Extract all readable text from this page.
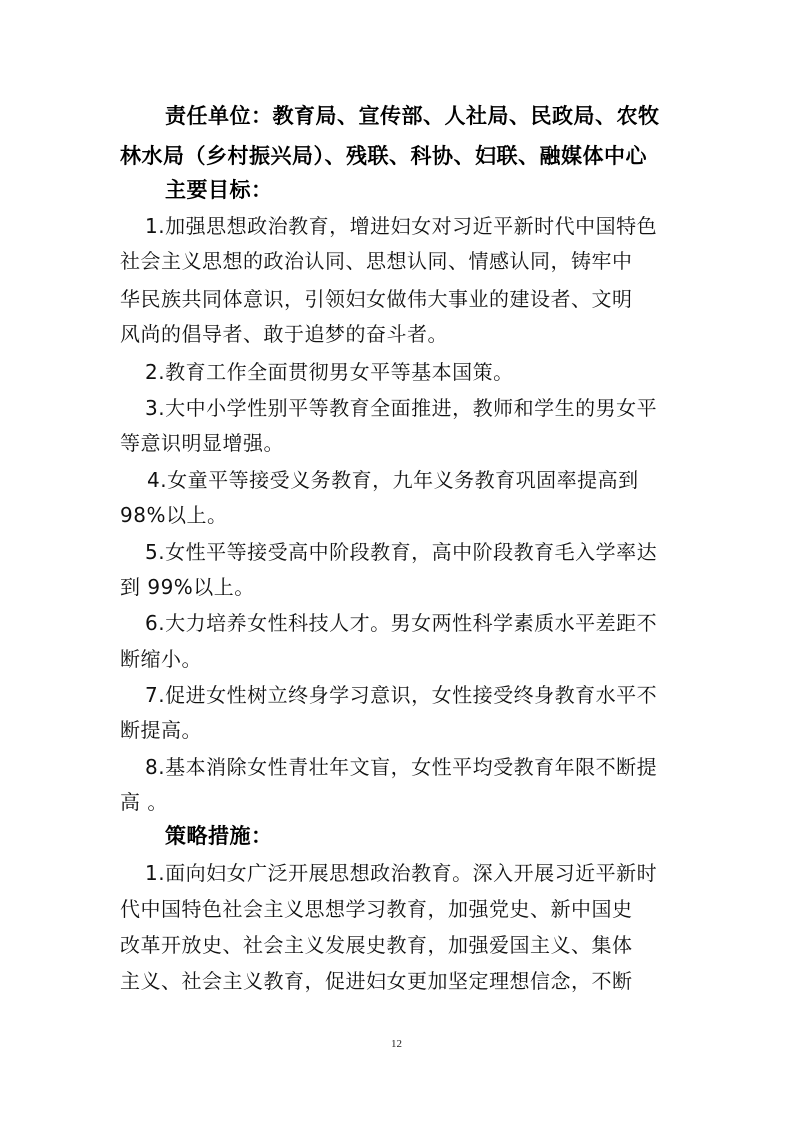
责任单位：教育局、宣传部、人社局、民政局、农牧
林水局（乡村振兴局）、残联、科协、妇联、融媒体中心
主要目标：
1.加强思想政治教育，增进妇女对习近平新时代中国特色
社会主义思想的政治认同、思想认同、情感认同，铸牢中
华民族共同体意识，引领妇女做伟大事业的建设者、文明
风尚的倡导者、敢于追梦的奋斗者。
2.教育工作全面贯彻男女平等基本国策。
3.大中小学性别平等教育全面推进，教师和学生的男女平
等意识明显增强。
4.女童平等接受义务教育，九年义务教育巩固率提高到
98%以上。
5.女性平等接受高中阶段教育，高中阶段教育毛入学率达
到 99%以上。
6.大力培养女性科技人才。男女两性科学素质水平差距不
断缩小。
7.促进女性树立终身学习意识，女性接受终身教育水平不
断提高。
8.基本消除女性青壮年文盲，女性平均受教育年限不断提
高 。
策略措施：
1.面向妇女广泛开展思想政治教育。深入开展习近平新时
代中国特色社会主义思想学习教育，加强党史、新中国史
改革开放史、社会主义发展史教育，加强爱国主义、集体
主义、社会主义教育，促进妇女更加坚定理想信念，不断
12
